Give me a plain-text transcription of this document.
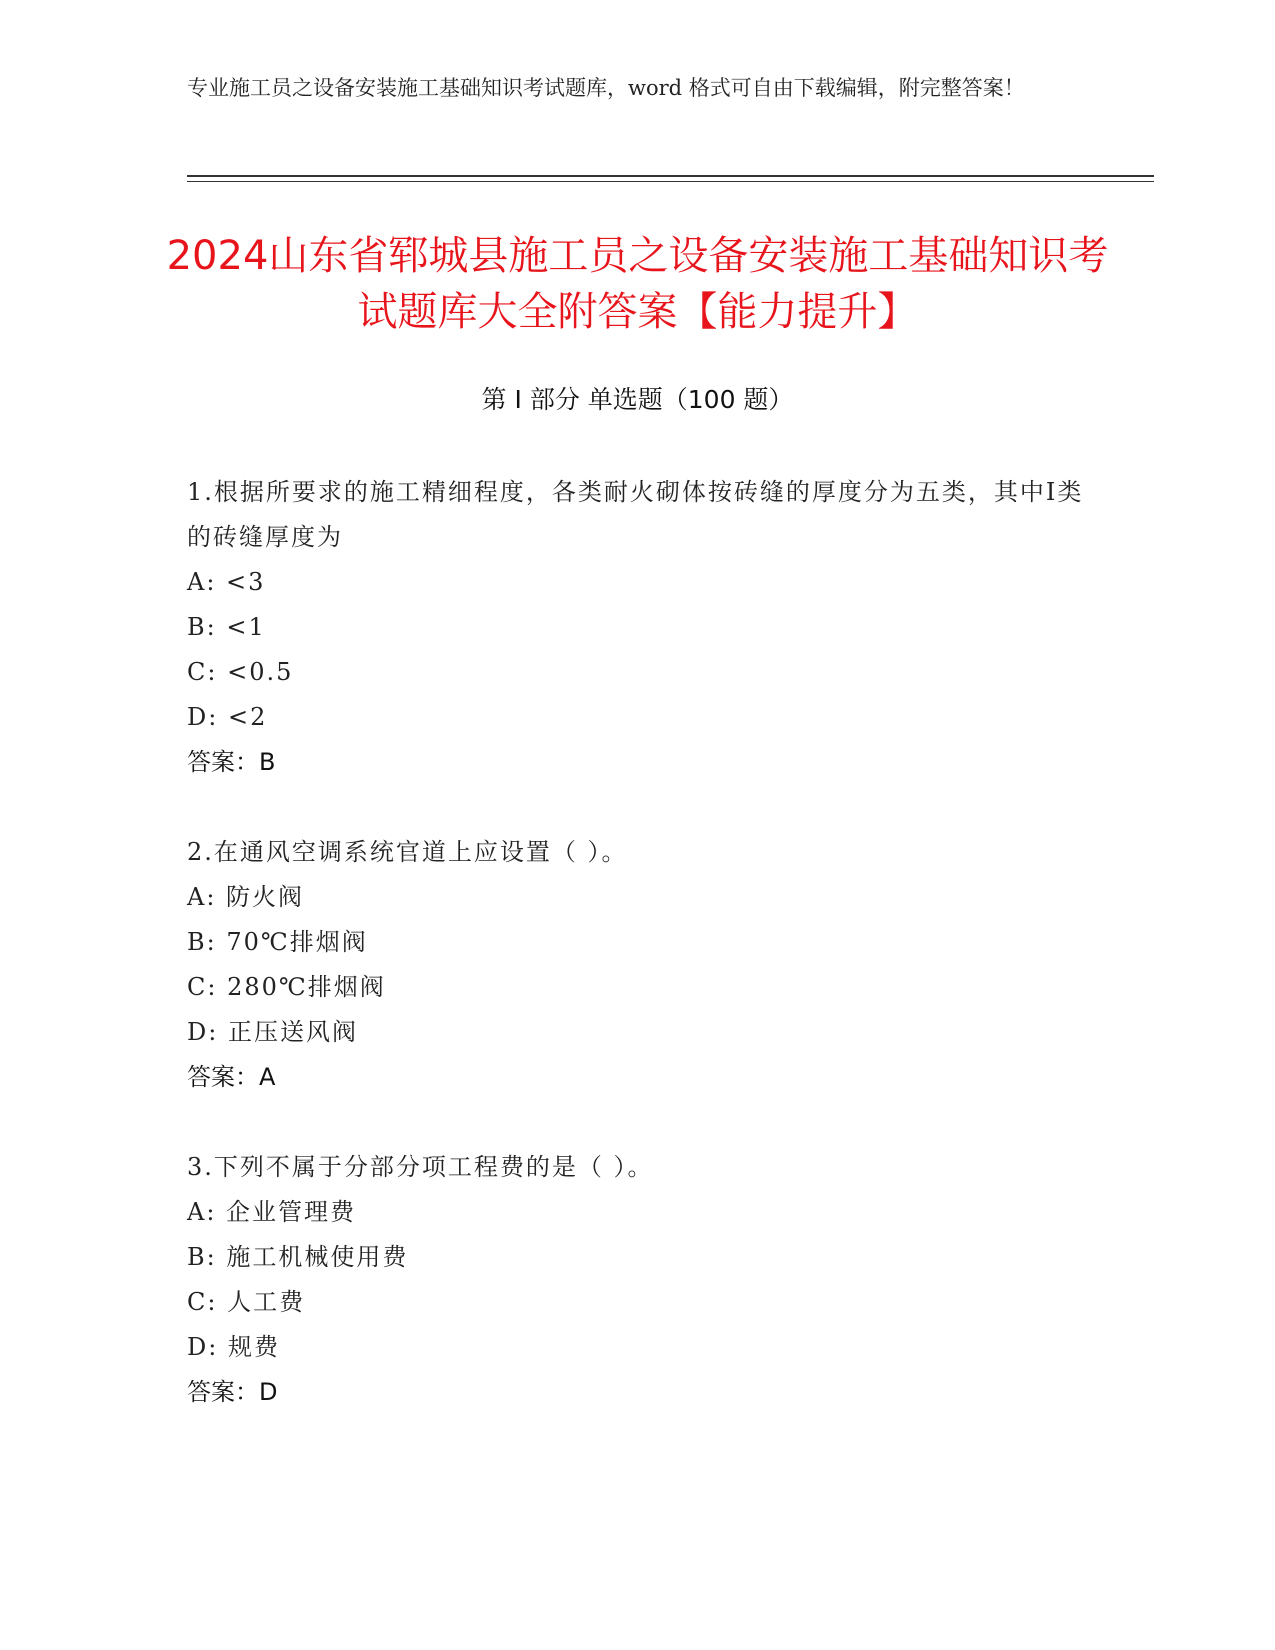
专业施工员之设备安装施工基础知识考试题库，word 格式可自由下载编辑，附完整答案！
2024山东省郓城县施工员之设备安装施工基础知识考试题库大全附答案【能力提升】
第 I 部分 单选题（100 题）
1.根据所要求的施工精细程度，各类耐火砌体按砖缝的厚度分为五类，其中Ⅰ类的砖缝厚度为
A: <3
B: <1
C: <0.5
D: <2
答案：B
2.在通风空调系统官道上应设置（ ）。
A: 防火阀
B: 70℃排烟阀
C: 280℃排烟阀
D: 正压送风阀
答案：A
3.下列不属于分部分项工程费的是（ ）。
A: 企业管理费
B: 施工机械使用费
C: 人工费
D: 规费
答案：D
